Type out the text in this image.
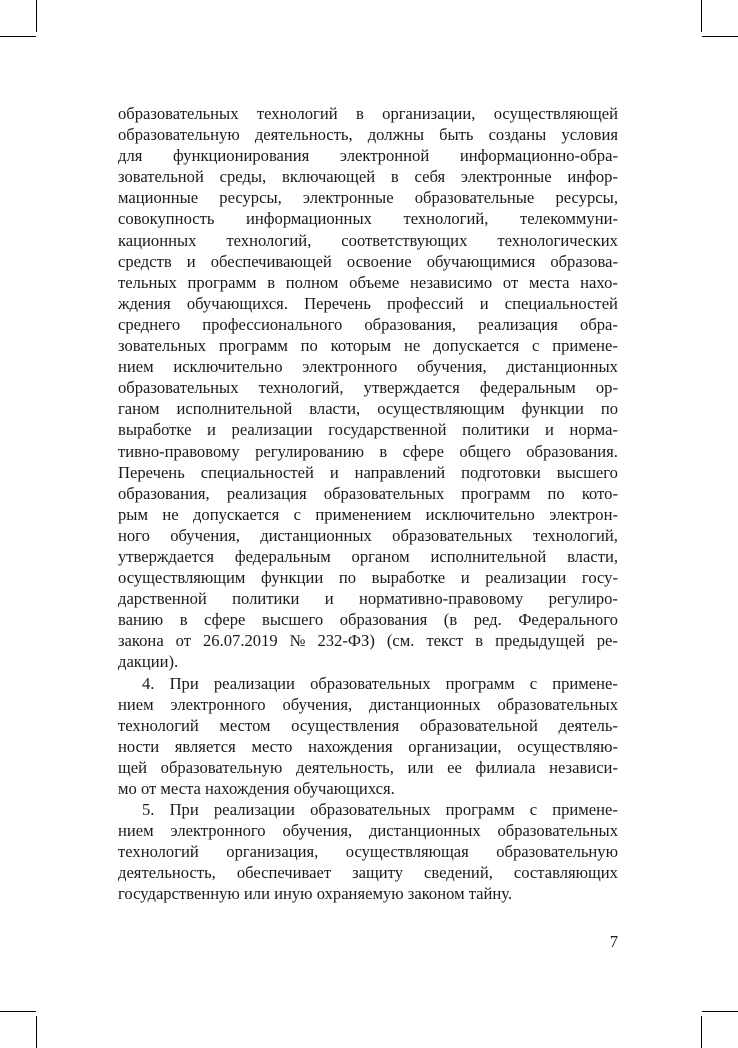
образовательных технологий в организации, осуществляющей
образовательную деятельность, должны быть созданы условия
для функционирования электронной информационно-обра-
зовательной среды, включающей в себя электронные инфор-
мационные ресурсы, электронные образовательные ресурсы,
совокупность информационных технологий, телекоммуни-
кационных технологий, соответствующих технологических
средств и обеспечивающей освоение обучающимися образова-
тельных программ в полном объеме независимо от места нахо-
ждения обучающихся. Перечень профессий и специальностей
среднего профессионального образования, реализация обра-
зовательных программ по которым не допускается с примене-
нием исключительно электронного обучения, дистанционных
образовательных технологий, утверждается федеральным ор-
ганом исполнительной власти, осуществляющим функции по
выработке и реализации государственной политики и норма-
тивно-правовому регулированию в сфере общего образования.
Перечень специальностей и направлений подготовки высшего
образования, реализация образовательных программ по кото-
рым не допускается с применением исключительно электрон-
ного обучения, дистанционных образовательных технологий,
утверждается федеральным органом исполнительной власти,
осуществляющим функции по выработке и реализации госу-
дарственной политики и нормативно-правовому регулиро-
ванию в сфере высшего образования (в ред. Федерального
закона от 26.07.2019 № 232-ФЗ) (см. текст в предыдущей ре-
дакции).
4. При реализации образовательных программ с примене-
нием электронного обучения, дистанционных образовательных
технологий местом осуществления образовательной деятель-
ности является место нахождения организации, осуществляю-
щей образовательную деятельность, или ее филиала независи-
мо от места нахождения обучающихся.
5. При реализации образовательных программ с примене-
нием электронного обучения, дистанционных образовательных
технологий организация, осуществляющая образовательную
деятельность, обеспечивает защиту сведений, составляющих
государственную или иную охраняемую законом тайну.
7
